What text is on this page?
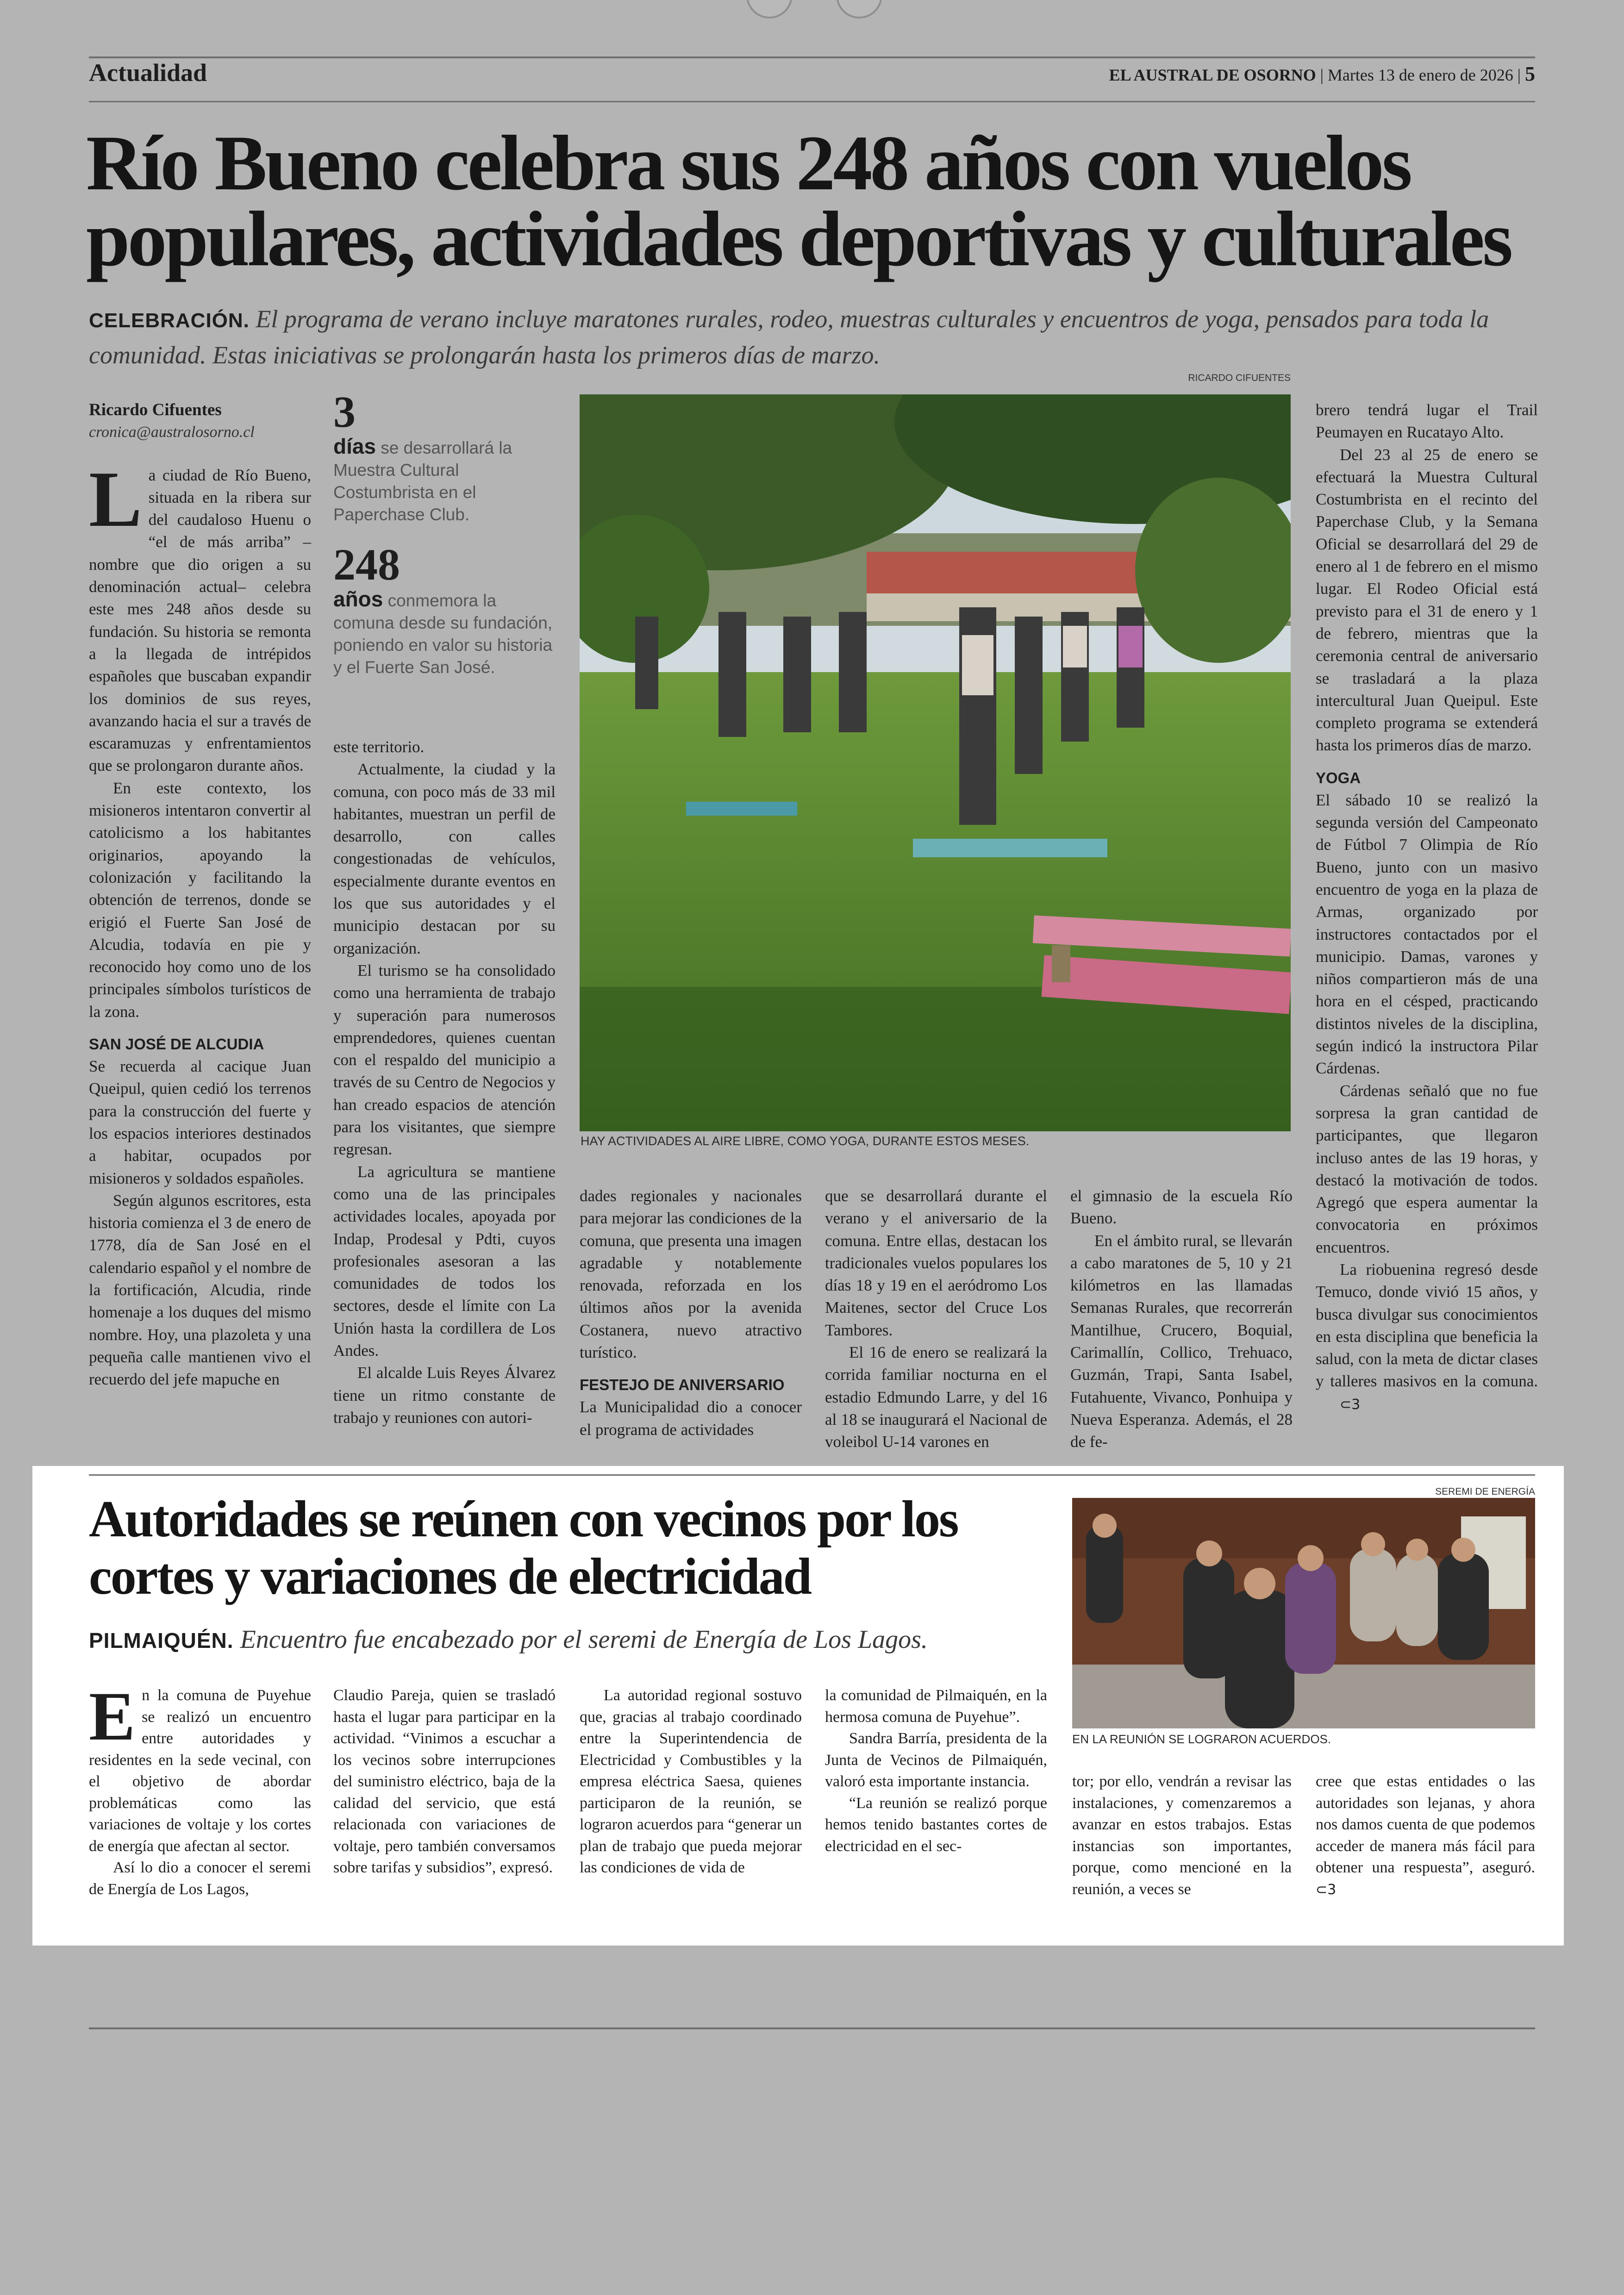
Actualidad	EL AUSTRAL DE OSORNO | Martes 13 de enero de 2026 | 5
Río Bueno celebra sus 248 años con vuelos populares, actividades deportivas y culturales
CELEBRACIÓN. El programa de verano incluye maratones rurales, rodeo, muestras culturales y encuentros de yoga, pensados para toda la comunidad. Estas iniciativas se prolongarán hasta los primeros días de marzo.
Ricardo Cifuentes
cronica@australosorno.cl

La ciudad de Río Bueno, situada en la ribera sur del caudaloso Huenu o “el de más arriba” –nombre que dio origen a su denominación actual– celebra este mes 248 años desde su fundación. Su historia se remonta a la llegada de intrépidos españoles que buscaban expandir los dominios de sus reyes, avanzando hacia el sur a través de escaramuzas y enfrentamientos que se prolongaron durante años.

En este contexto, los misioneros intentaron convertir al catolicismo a los habitantes originarios, apoyando la colonización y facilitando la obtención de terrenos, donde se erigió el Fuerte San José de Alcudia, todavía en pie y reconocido hoy como uno de los principales símbolos turísticos de la zona.

SAN JOSÉ DE ALCUDIA

Se recuerda al cacique Juan Queipul, quien cedió los terrenos para la construcción del fuerte y los espacios interiores destinados a habitar, ocupados por misioneros y soldados españoles.

Según algunos escritores, esta historia comienza el 3 de enero de 1778, día de San José en el calendario español y el nombre de la fortificación, Alcudia, rinde homenaje a los duques del mismo nombre. Hoy, una plazoleta y una pequeña calle mantienen vivo el recuerdo del jefe mapuche en

3
días se desarrollará la Muestra Cultural Costumbrista en el Paperchase Club.
248
años conmemora la comuna desde su fundación, poniendo en valor su historia y el Fuerte San José.

este territorio.

Actualmente, la ciudad y la comuna, con poco más de 33 mil habitantes, muestran un perfil de desarrollo, con calles congestionadas de vehículos, especialmente durante eventos en los que sus autoridades y el municipio destacan por su organización.

El turismo se ha consolidado como una herramienta de trabajo y superación para numerosos emprendedores, quienes cuentan con el respaldo del municipio a través de su Centro de Negocios y han creado espacios de atención para los visitantes, que siempre regresan.

La agricultura se mantiene como una de las principales actividades locales, apoyada por Indap, Prodesal y Pdti, cuyos profesionales asesoran a las comunidades de todos los sectores, desde el límite con La Unión hasta la cordillera de Los Andes.

El alcalde Luis Reyes Álvarez tiene un ritmo constante de trabajo y reuniones con autori-

RICARDO CIFUENTES
HAY ACTIVIDADES AL AIRE LIBRE, COMO YOGA, DURANTE ESTOS MESES.

dades regionales y nacionales para mejorar las condiciones de la comuna, que presenta una imagen agradable y notablemente renovada, reforzada en los últimos años por la avenida Costanera, nuevo atractivo turístico.

FESTEJO DE ANIVERSARIO

La Municipalidad dio a conocer el programa de actividades

que se desarrollará durante el verano y el aniversario de la comuna. Entre ellas, destacan los tradicionales vuelos populares los días 18 y 19 en el aeródromo Los Maitenes, sector del Cruce Los Tambores.

El 16 de enero se realizará la corrida familiar nocturna en el estadio Edmundo Larre, y del 16 al 18 se inaugurará el Nacional de voleibol U-14 varones en

el gimnasio de la escuela Río Bueno.

En el ámbito rural, se llevarán a cabo maratones de 5, 10 y 21 kilómetros en las llamadas Semanas Rurales, que recorrerán Mantilhue, Crucero, Boquial, Carimallín, Collico, Trehuaco, Guzmán, Trapi, Santa Isabel, Futahuente, Vivanco, Ponhuipa y Nueva Esperanza. Además, el 28 de fe-

brero tendrá lugar el Trail Peumayen en Rucatayo Alto.

Del 23 al 25 de enero se efectuará la Muestra Cultural Costumbrista en el recinto del Paperchase Club, y la Semana Oficial se desarrollará del 29 de enero al 1 de febrero en el mismo lugar. El Rodeo Oficial está previsto para el 31 de enero y 1 de febrero, mientras que la ceremonia central de aniversario se trasladará a la plaza intercultural Juan Queipul. Este completo programa se extenderá hasta los primeros días de marzo.

YOGA

El sábado 10 se realizó la segunda versión del Campeonato de Fútbol 7 Olimpia de Río Bueno, junto con un masivo encuentro de yoga en la plaza de Armas, organizado por instructores contactados por el municipio. Damas, varones y niños compartieron más de una hora en el césped, practicando distintos niveles de la disciplina, según indicó la instructora Pilar Cárdenas.

Cárdenas señaló que no fue sorpresa la gran cantidad de participantes, que llegaron incluso antes de las 19 horas, y destacó la motivación de todos. Agregó que espera aumentar la convocatoria en próximos encuentros.

La riobuenina regresó desde Temuco, donde vivió 15 años, y busca divulgar sus conocimientos en esta disciplina que beneficia la salud, con la meta de dictar clases y talleres masivos en la comuna.⊂3

Autoridades se reúnen con vecinos por los cortes y variaciones de electricidad
PILMAIQUÉN. Encuentro fue encabezado por el seremi de Energía de Los Lagos.
SEREMI DE ENERGÍA
EN LA REUNIÓN SE LOGRARON ACUERDOS.

En la comuna de Puyehue se realizó un encuentro entre autoridades y residentes en la sede vecinal, con el objetivo de abordar problemáticas como las variaciones de voltaje y los cortes de energía que afectan al sector.

Así lo dio a conocer el seremi de Energía de Los Lagos,

Claudio Pareja, quien se trasladó hasta el lugar para participar en la actividad. “Vinimos a escuchar a los vecinos sobre interrupciones del suministro eléctrico, baja de la calidad del servicio, que está relacionada con variaciones de voltaje, pero también conversamos sobre tarifas y subsidios”, expresó.

La autoridad regional sostuvo que, gracias al trabajo coordinado entre la Superintendencia de Electricidad y Combustibles y la empresa eléctrica Saesa, quienes participaron de la reunión, se lograron acuerdos para “generar un plan de trabajo que pueda mejorar las condiciones de vida de

la comunidad de Pilmaiquén, en la hermosa comuna de Puyehue”.

Sandra Barría, presidenta de la Junta de Vecinos de Pilmaiquén, valoró esta importante instancia.

“La reunión se realizó porque hemos tenido bastantes cortes de electricidad en el sec-

tor; por ello, vendrán a revisar las instalaciones, y comenzaremos a avanzar en estos trabajos. Estas instancias son importantes, porque, como mencioné en la reunión, a veces se

cree que estas entidades o las autoridades son lejanas, y ahora nos damos cuenta de que podemos acceder de manera más fácil para obtener una respuesta”, aseguró.⊂3
